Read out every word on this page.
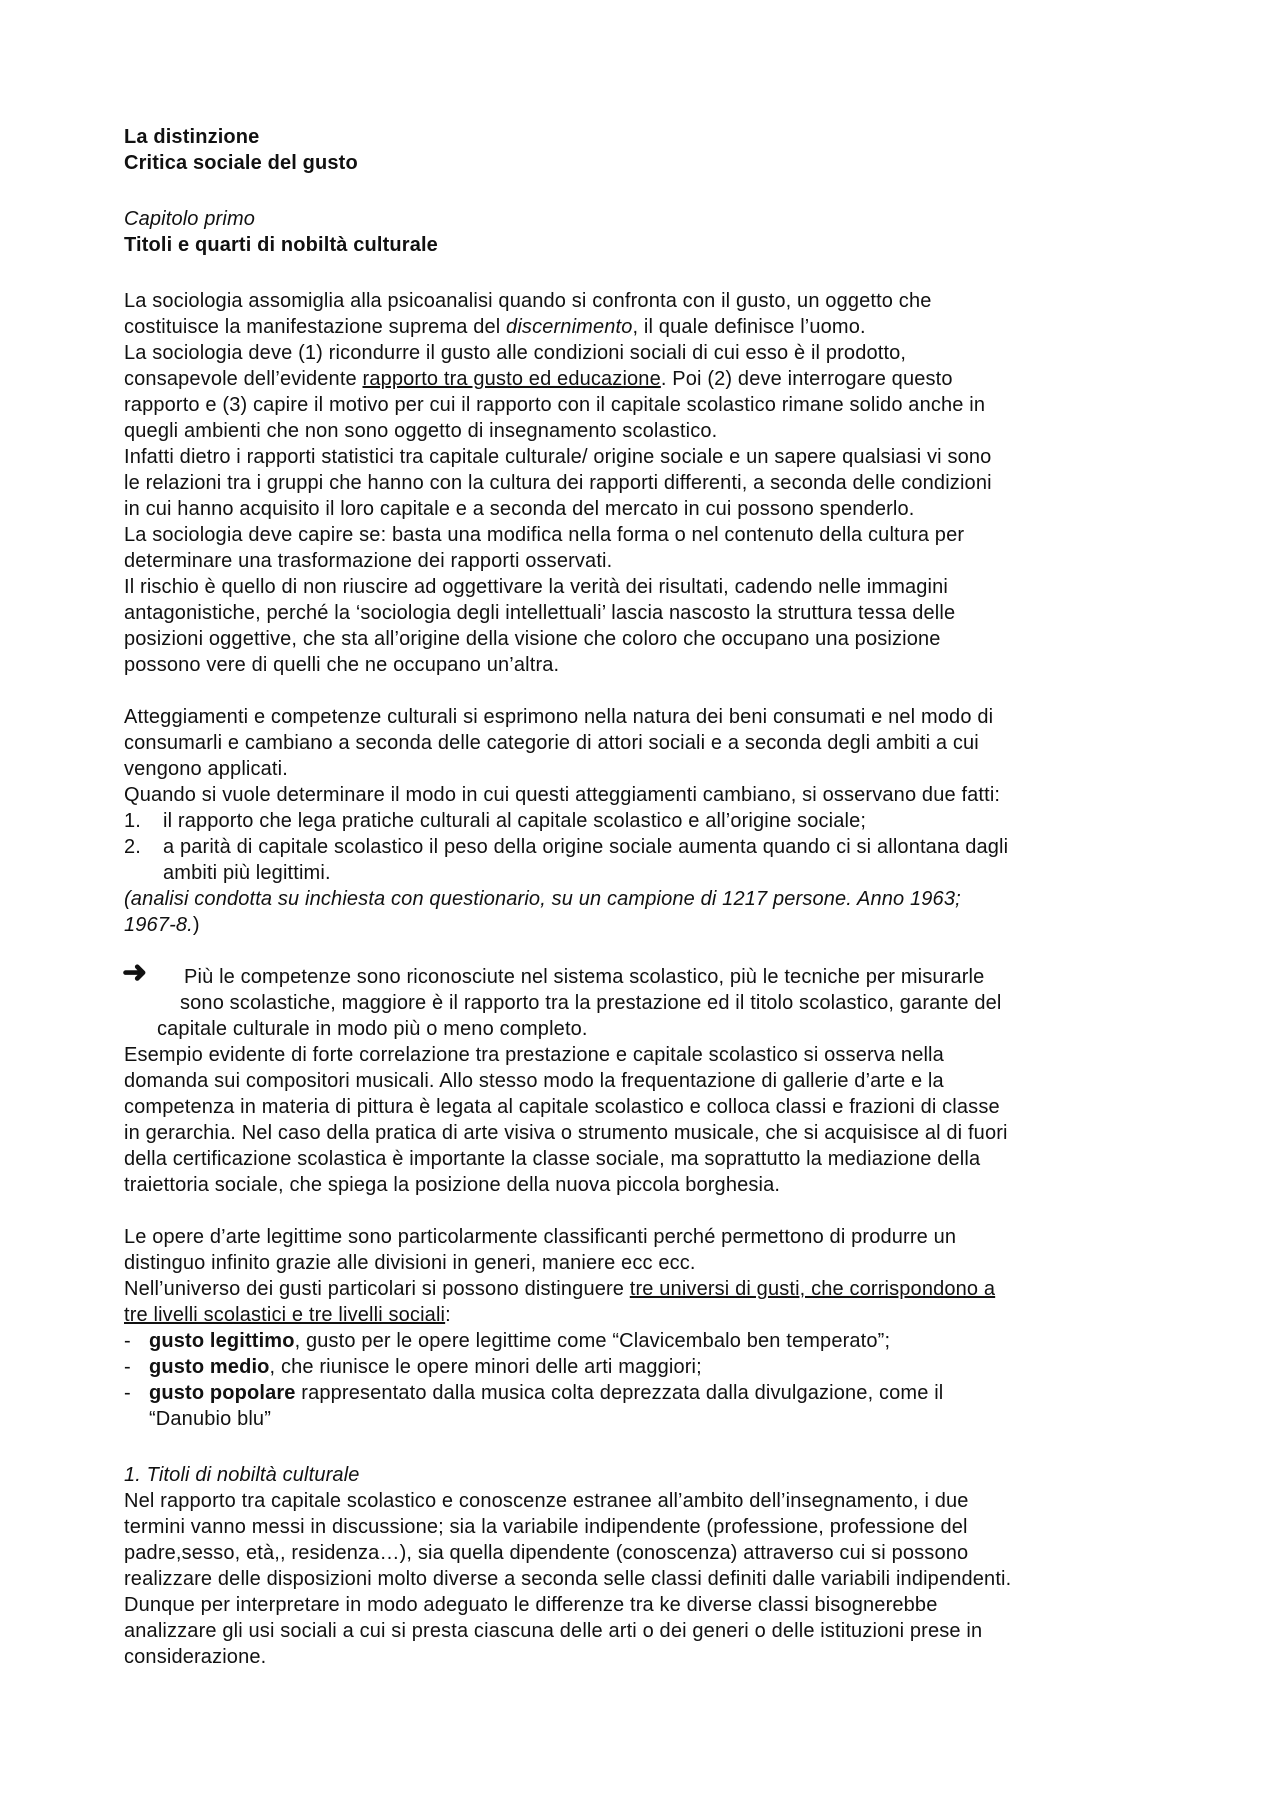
La distinzione
Critica sociale del gusto
Capitolo primo
Titoli e quarti di nobiltà culturale
La sociologia assomiglia alla psicoanalisi quando si confronta con il gusto, un oggetto che
costituisce la manifestazione suprema del discernimento, il quale definisce l’uomo.
La sociologia deve (1) ricondurre il gusto alle condizioni sociali di cui esso è il prodotto,
consapevole dell’evidente rapporto tra gusto ed educazione. Poi (2) deve interrogare questo
rapporto e (3) capire il motivo per cui il rapporto con il capitale scolastico rimane solido anche in
quegli ambienti che non sono oggetto di insegnamento scolastico.
Infatti dietro i rapporti statistici tra capitale culturale/ origine sociale e un sapere qualsiasi vi sono
le relazioni tra i gruppi che hanno con la cultura dei rapporti differenti, a seconda delle condizioni
in cui hanno acquisito il loro capitale e a seconda del mercato in cui possono spenderlo.
La sociologia deve capire se: basta una modifica nella forma o nel contenuto della cultura per
determinare una trasformazione dei rapporti osservati.
Il rischio è quello di non riuscire ad oggettivare la verità dei risultati, cadendo nelle immagini
antagonistiche, perché la ‘sociologia degli intellettuali’ lascia nascosto la struttura tessa delle
posizioni oggettive, che sta all’origine della visione che coloro che occupano una posizione
possono vere di quelli che ne occupano un’altra.
Atteggiamenti e competenze culturali si esprimono nella natura dei beni consumati e nel modo di
consumarli e cambiano a seconda delle categorie di attori sociali e a seconda degli ambiti a cui
vengono applicati.
Quando si vuole determinare il modo in cui questi atteggiamenti cambiano, si osservano due fatti:
1. il rapporto che lega pratiche culturali al capitale scolastico e all’origine sociale;
2. a parità di capitale scolastico il peso della origine sociale aumenta quando ci si allontana dagli
ambiti più legittimi.
(analisi condotta su inchiesta con questionario, su un campione di 1217 persone. Anno 1963;
1967-8.)
➜ Più le competenze sono riconosciute nel sistema scolastico, più le tecniche per misurarle
sono scolastiche, maggiore è il rapporto tra la prestazione ed il titolo scolastico, garante del
capitale culturale in modo più o meno completo.
Esempio evidente di forte correlazione tra prestazione e capitale scolastico si osserva nella
domanda sui compositori musicali. Allo stesso modo la frequentazione di gallerie d’arte e la
competenza in materia di pittura è legata al capitale scolastico e colloca classi e frazioni di classe
in gerarchia. Nel caso della pratica di arte visiva o strumento musicale, che si acquisisce al di fuori
della certificazione scolastica è importante la classe sociale, ma soprattutto la mediazione della
traiettoria sociale, che spiega la posizione della nuova piccola borghesia.
Le opere d’arte legittime sono particolarmente classificanti perché permettono di produrre un
distinguo infinito grazie alle divisioni in generi, maniere ecc ecc.
Nell’universo dei gusti particolari si possono distinguere tre universi di gusti, che corrispondono a
tre livelli scolastici e tre livelli sociali:
- gusto legittimo, gusto per le opere legittime come “Clavicembalo ben temperato”;
- gusto medio, che riunisce le opere minori delle arti maggiori;
- gusto popolare rappresentato dalla musica colta deprezzata dalla divulgazione, come il
“Danubio blu”
1. Titoli di nobiltà culturale
Nel rapporto tra capitale scolastico e conoscenze estranee all’ambito dell’insegnamento, i due
termini vanno messi in discussione; sia la variabile indipendente (professione, professione del
padre,sesso, età,, residenza…), sia quella dipendente (conoscenza) attraverso cui si possono
realizzare delle disposizioni molto diverse a seconda selle classi definiti dalle variabili indipendenti.
Dunque per interpretare in modo adeguato le differenze tra ke diverse classi bisognerebbe
analizzare gli usi sociali a cui si presta ciascuna delle arti o dei generi o delle istituzioni prese in
considerazione.
